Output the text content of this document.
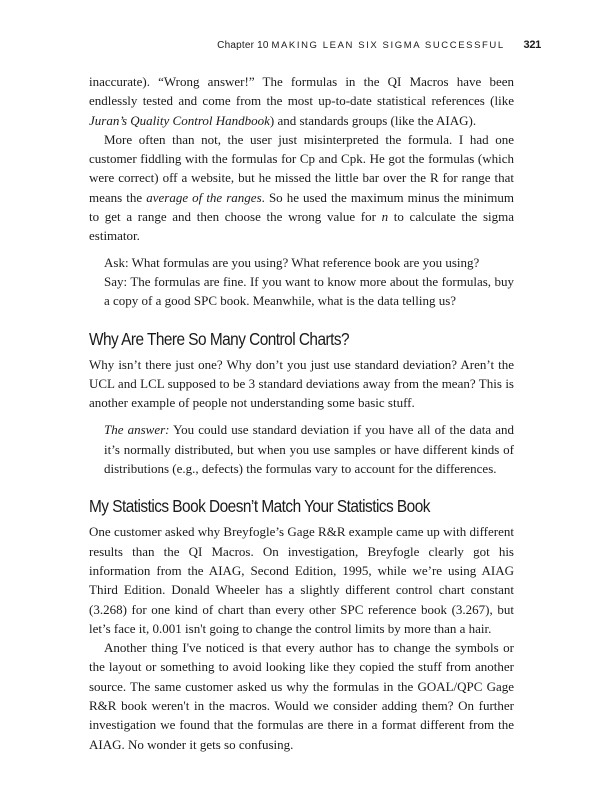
Chapter 10 MAKING LEAN SIX SIGMA SUCCESSFUL 321

inaccurate). “Wrong answer!” The formulas in the QI Macros have been endlessly tested and come from the most up-to-date statistical references (like Juran’s Quality Control Handbook) and standards groups (like the AIAG).

More often than not, the user just misinterpreted the formula. I had one customer fiddling with the formulas for Cp and Cpk. He got the formulas (which were correct) off a website, but he missed the little bar over the R for range that means the average of the ranges. So he used the maximum minus the minimum to get a range and then choose the wrong value for n to calculate the sigma estimator.

Ask: What formulas are you using? What reference book are you using?

Say: The formulas are fine. If you want to know more about the formulas, buy a copy of a good SPC book. Meanwhile, what is the data telling us?

Why Are There So Many Control Charts?

Why isn’t there just one? Why don’t you just use standard deviation? Aren’t the UCL and LCL supposed to be 3 standard deviations away from the mean? This is another example of people not understanding some basic stuff.

The answer: You could use standard deviation if you have all of the data and it’s normally distributed, but when you use samples or have different kinds of distributions (e.g., defects) the formulas vary to account for the differences.

My Statistics Book Doesn’t Match Your Statistics Book

One customer asked why Breyfogle’s Gage R&R example came up with different results than the QI Macros. On investigation, Breyfogle clearly got his information from the AIAG, Second Edition, 1995, while we’re using AIAG Third Edition. Donald Wheeler has a slightly different control chart constant (3.268) for one kind of chart than every other SPC reference book (3.267), but let’s face it, 0.001 isn't going to change the control limits by more than a hair.

Another thing I've noticed is that every author has to change the symbols or the layout or something to avoid looking like they copied the stuff from another source. The same customer asked us why the formulas in the GOAL/QPC Gage R&R book weren't in the macros. Would we consider adding them? On further investigation we found that the formulas are there in a format different from the AIAG. No wonder it gets so confusing.
